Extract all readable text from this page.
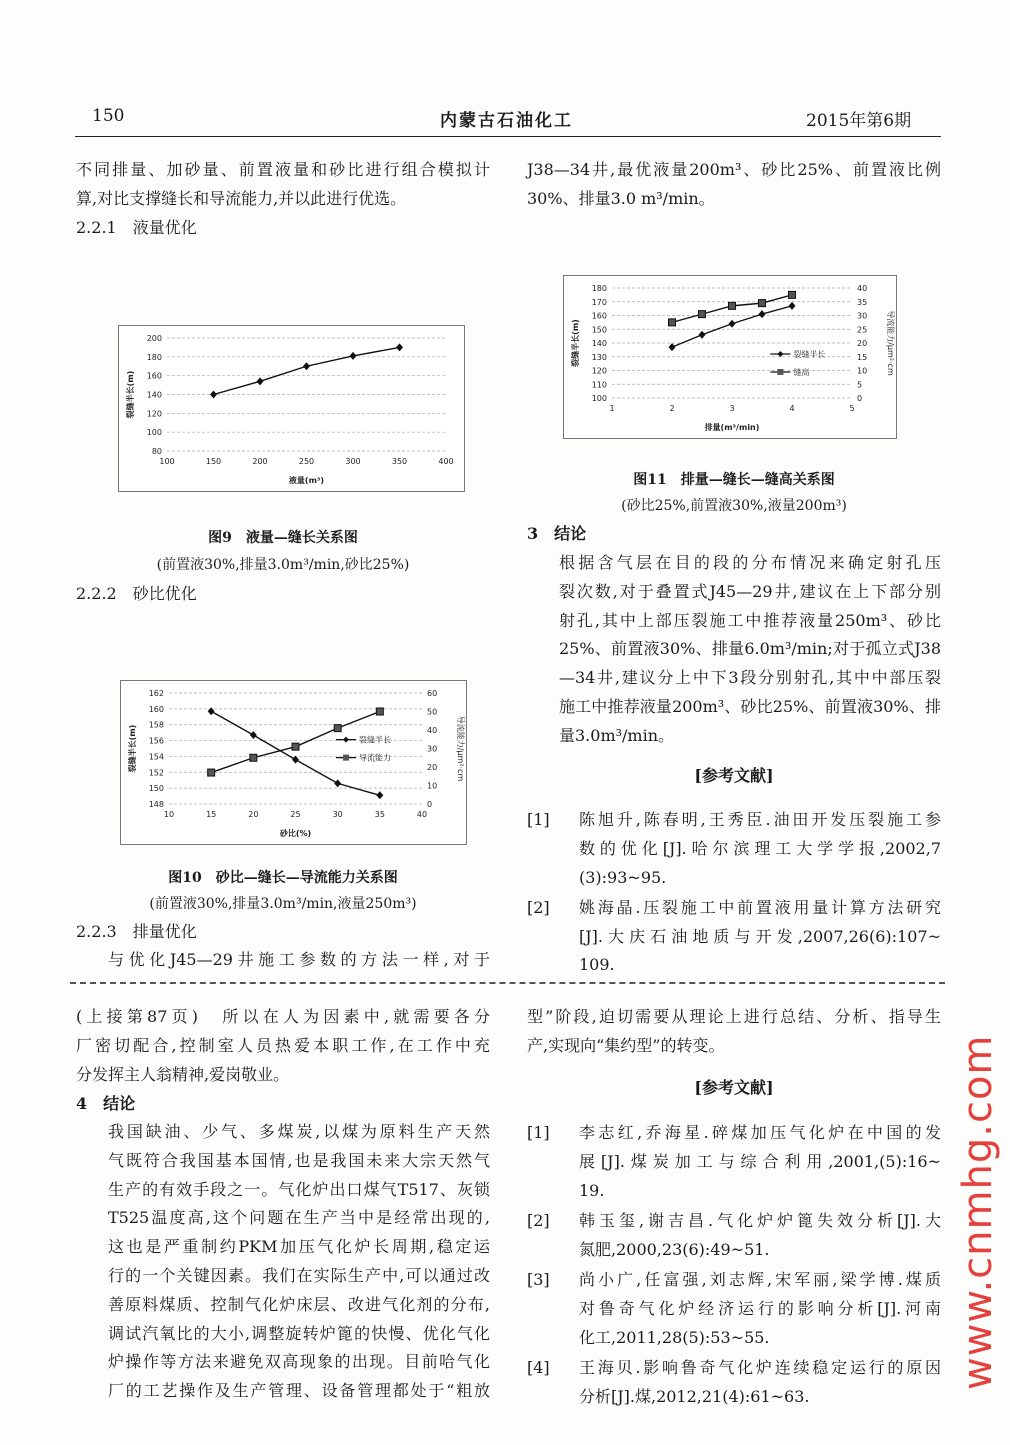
150	内蒙古石油化工	2015年第6期
不同排量、加砂量、前置液量和砂比进行组合模拟计
算,对比支撑缝长和导流能力,并以此进行优选。
2.2.1　液量优化
80
100
120
140
160
180
200
100	150	200	250	300	350	400
液量(m³)
裂缝半长(m)
图9　液量—缝长关系图
(前置液30%,排量3.0m³/min,砂比25%)
2.2.2　砂比优化
148
150
152
154
156
158
160
162
0
10
20
30
40
50
60
10	15	20	25	30	35	40
砂比(%)
裂缝半长(m)	导流能力/μm²·cm
裂缝半长
导流能力
图10　砂比—缝长—导流能力关系图
(前置液30%,排量3.0m³/min,液量250m³)
2.2.3　排量优化
与优化J45—29井施工参数的方法一样,对于
J38—34井,最优液量200m³、砂比25%、前置液比例
30%、排量3.0 m³/min。
100
110
120
130
140
150
160
170
180
0
5
10
15
20
25
30
35
40
1	2	3	4	5
排量(m³/min)
裂缝半长(m)	导流能力/μm²·cm
裂缝半长
缝高
图11　排量—缝长—缝高关系图
(砂比25%,前置液30%,液量200m³)
3　结论
根据含气层在目的段的分布情况来确定射孔压
裂次数,对于叠置式J45—29井,建议在上下部分别
射孔,其中上部压裂施工中推荐液量250m³、砂比
25%、前置液30%、排量6.0m³/min;对于孤立式J38
—34井,建议分上中下3段分别射孔,其中中部压裂
施工中推荐液量200m³、砂比25%、前置液30%、排
量3.0m³/min。
[参考文献]
[1] 陈旭升,陈春明,王秀臣.油田开发压裂施工参
数的优化[J].哈尔滨理工大学学报,2002,7
(3):93~95.
[2] 姚海晶.压裂施工中前置液用量计算方法研究
[J].大庆石油地质与开发,2007,26(6):107~
109.
(上接第87页)　所以在人为因素中,就需要各分
厂密切配合,控制室人员热爱本职工作,在工作中充
分发挥主人翁精神,爱岗敬业。
4　结论
我国缺油、少气、多煤炭,以煤为原料生产天然
气既符合我国基本国情,也是我国未来大宗天然气
生产的有效手段之一。气化炉出口煤气T517、灰锁
T525温度高,这个问题在生产当中是经常出现的,
这也是严重制约PKM加压气化炉长周期,稳定运
行的一个关键因素。我们在实际生产中,可以通过改
善原料煤质、控制气化炉床层、改进气化剂的分布,
调试汽氧比的大小,调整旋转炉篦的快慢、优化气化
炉操作等方法来避免双高现象的出现。目前哈气化
厂的工艺操作及生产管理、设备管理都处于“粗放
型”阶段,迫切需要从理论上进行总结、分析、指导生
产,实现向“集约型”的转变。
[参考文献]
[1] 李志红,乔海星.碎煤加压气化炉在中国的发
展[J].煤炭加工与综合利用,2001,(5):16~
19.
[2] 韩玉玺,谢吉昌.气化炉炉篦失效分析[J].大
氮肥,2000,23(6):49~51.
[3] 尚小广,任富强,刘志辉,宋军丽,梁学博.煤质
对鲁奇气化炉经济运行的影响分析[J].河南
化工,2011,28(5):53~55.
[4] 王海贝.影响鲁奇气化炉连续稳定运行的原因
分析[J].煤,2012,21(4):61~63.
www.cnmhg.com
